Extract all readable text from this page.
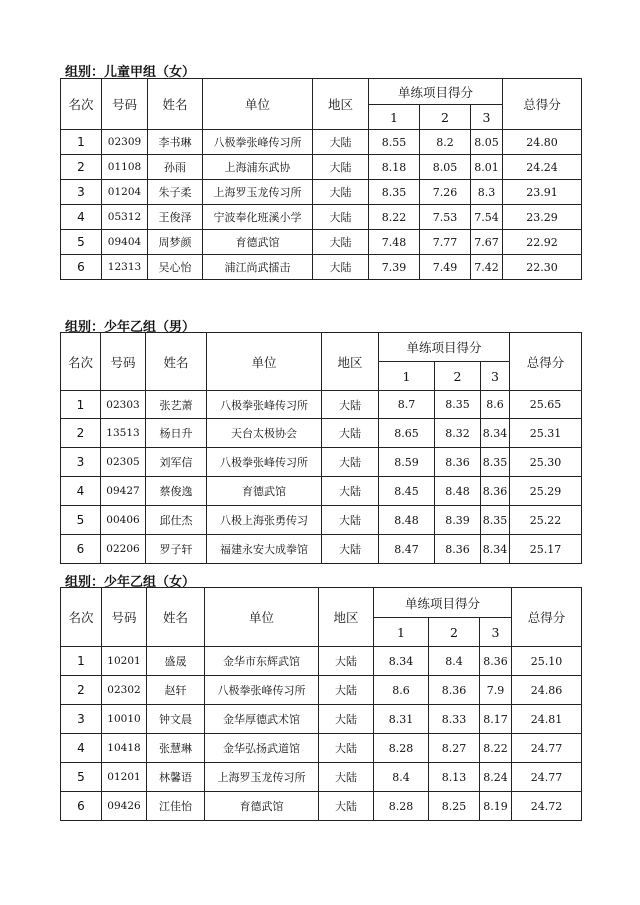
组别：儿童甲组（女）
名次	号码	姓名	单位	地区	单练项目得分			总得分
					1	2	3	
1	02309	李书琳	八极拳张峰传习所	大陆	8.55	8.2	8.05	24.80
2	01108	孙雨	上海浦东武协	大陆	8.18	8.05	8.01	24.24
3	01204	朱子柔	上海罗玉龙传习所	大陆	8.35	7.26	8.3	23.91
4	05312	王俊泽	宁波奉化班溪小学	大陆	8.22	7.53	7.54	23.29
5	09404	周梦颜	育德武馆	大陆	7.48	7.77	7.67	22.92
6	12313	吴心怡	浦江尚武擂击	大陆	7.39	7.49	7.42	22.30
组别：少年乙组（男）
名次	号码	姓名	单位	地区	单练项目得分			总得分
					1	2	3	
1	02303	张艺萧	八极拳张峰传习所	大陆	8.7	8.35	8.6	25.65
2	13513	杨日升	天台太极协会	大陆	8.65	8.32	8.34	25.31
3	02305	刘军信	八极拳张峰传习所	大陆	8.59	8.36	8.35	25.30
4	09427	蔡俊逸	育德武馆	大陆	8.45	8.48	8.36	25.29
5	00406	邱仕杰	八极上海张勇传习	大陆	8.48	8.39	8.35	25.22
6	02206	罗子轩	福建永安大成拳馆	大陆	8.47	8.36	8.34	25.17
组别：少年乙组（女）
名次	号码	姓名	单位	地区	单练项目得分			总得分
					1	2	3	
1	10201	盛晟	金华市东辉武馆	大陆	8.34	8.4	8.36	25.10
2	02302	赵轩	八极拳张峰传习所	大陆	8.6	8.36	7.9	24.86
3	10010	钟文晨	金华厚德武术馆	大陆	8.31	8.33	8.17	24.81
4	10418	张慧琳	金华弘扬武道馆	大陆	8.28	8.27	8.22	24.77
5	01201	林馨语	上海罗玉龙传习所	大陆	8.4	8.13	8.24	24.77
6	09426	江佳怡	育德武馆	大陆	8.28	8.25	8.19	24.72
